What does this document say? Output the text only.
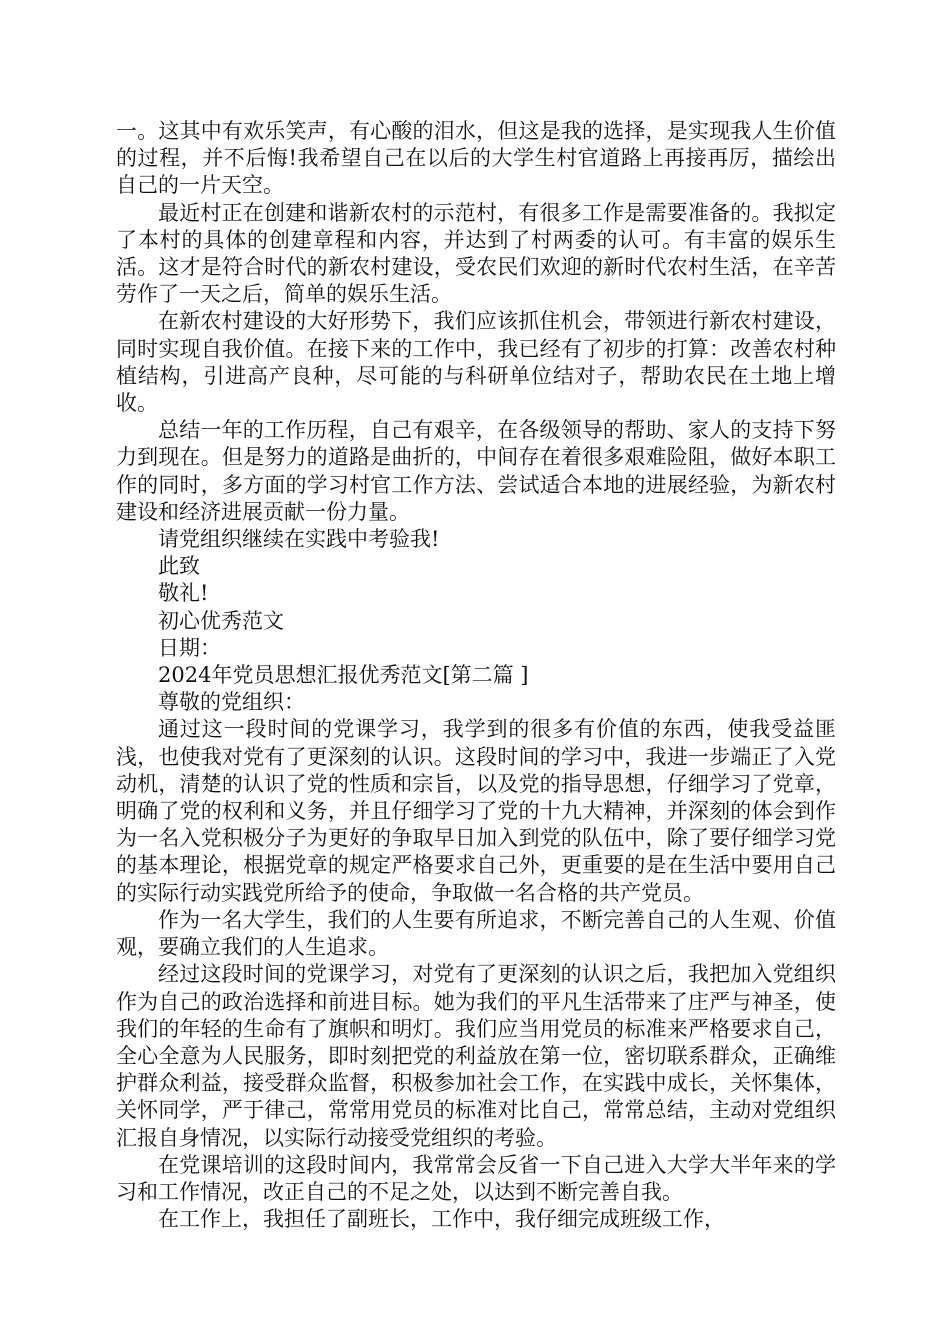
一。这其中有欢乐笑声，有心酸的泪水，但这是我的选择，是实现我人生价值的过程，并不后悔!我希望自己在以后的大学生村官道路上再接再厉，描绘出自己的一片天空。

最近村正在创建和谐新农村的示范村，有很多工作是需要准备的。我拟定了本村的具体的创建章程和内容，并达到了村两委的认可。有丰富的娱乐生活。这才是符合时代的新农村建设，受农民们欢迎的新时代农村生活，在辛苦劳作了一天之后，简单的娱乐生活。

在新农村建设的大好形势下，我们应该抓住机会，带领进行新农村建设，同时实现自我价值。在接下来的工作中，我已经有了初步的打算：改善农村种植结构，引进高产良种，尽可能的与科研单位结对子，帮助农民在土地上增收。

总结一年的工作历程，自己有艰辛，在各级领导的帮助、家人的支持下努力到现在。但是努力的道路是曲折的，中间存在着很多艰难险阻，做好本职工作的同时，多方面的学习村官工作方法、尝试适合本地的进展经验，为新农村建设和经济进展贡献一份力量。

请党组织继续在实践中考验我!

此致

敬礼!

初心优秀范文

日期：

2024年党员思想汇报优秀范文[第二篇 ]

尊敬的党组织：

通过这一段时间的党课学习，我学到的很多有价值的东西，使我受益匪浅，也使我对党有了更深刻的认识。这段时间的学习中，我进一步端正了入党动机，清楚的认识了党的性质和宗旨，以及党的指导思想，仔细学习了党章，明确了党的权利和义务，并且仔细学习了党的十九大精神，并深刻的体会到作为一名入党积极分子为更好的争取早日加入到党的队伍中，除了要仔细学习党的基本理论，根据党章的规定严格要求自己外，更重要的是在生活中要用自己的实际行动实践党所给予的使命，争取做一名合格的共产党员。

作为一名大学生，我们的人生要有所追求，不断完善自己的人生观、价值观，要确立我们的人生追求。

经过这段时间的党课学习，对党有了更深刻的认识之后，我把加入党组织作为自己的政治选择和前进目标。她为我们的平凡生活带来了庄严与神圣，使我们的年轻的生命有了旗帜和明灯。我们应当用党员的标准来严格要求自己，全心全意为人民服务，即时刻把党的利益放在第一位，密切联系群众，正确维护群众利益，接受群众监督，积极参加社会工作，在实践中成长，关怀集体，关怀同学，严于律己，常常用党员的标准对比自己，常常总结，主动对党组织汇报自身情况，以实际行动接受党组织的考验。

在党课培训的这段时间内，我常常会反省一下自己进入大学大半年来的学习和工作情况，改正自己的不足之处，以达到不断完善自我。

在工作上，我担任了副班长，工作中，我仔细完成班级工作，
